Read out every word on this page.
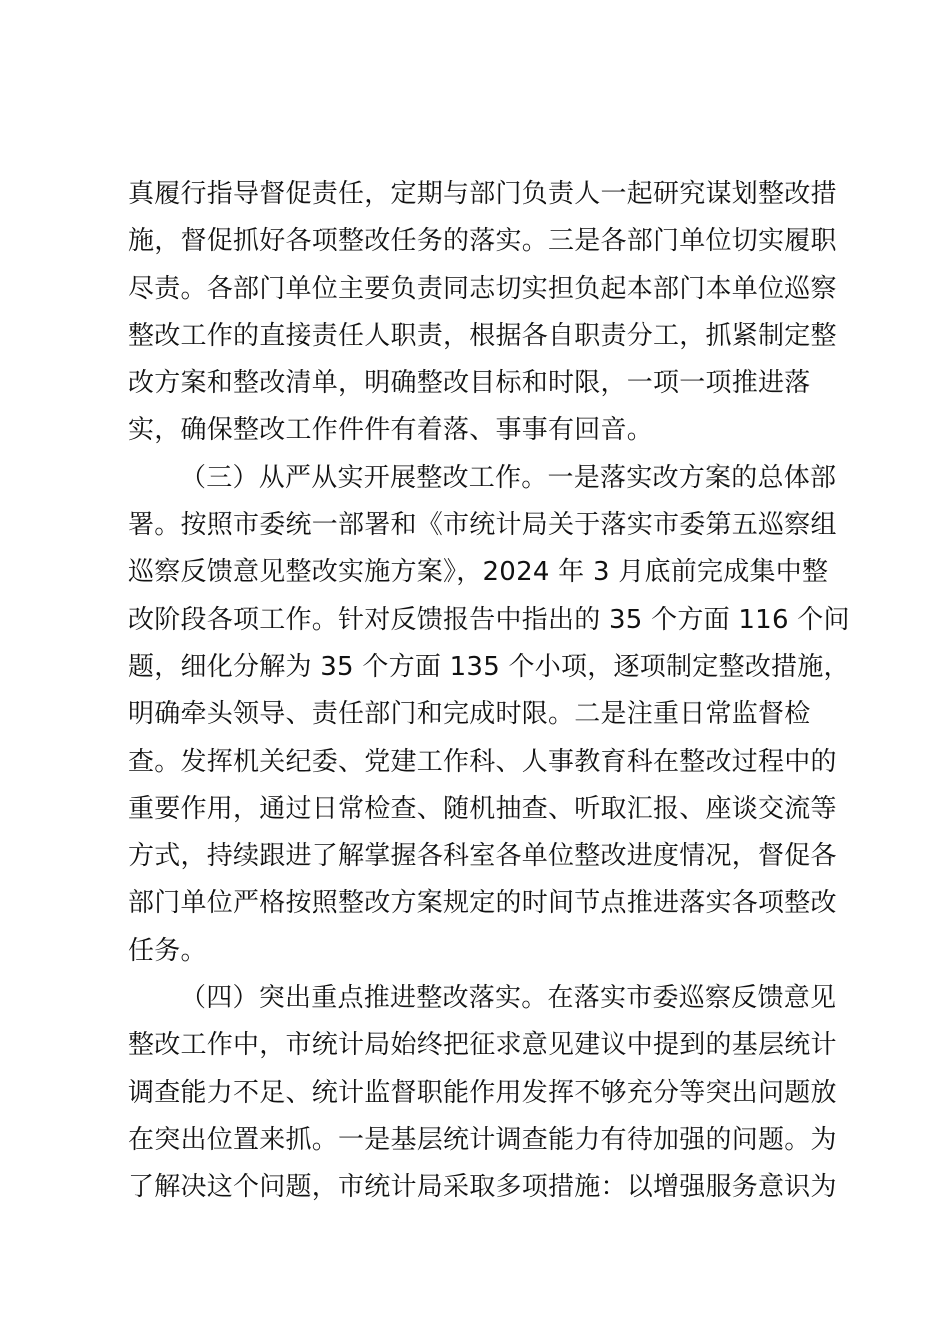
真履行指导督促责任，定期与部门负责人一起研究谋划整改措
施，督促抓好各项整改任务的落实。三是各部门单位切实履职
尽责。各部门单位主要负责同志切实担负起本部门本单位巡察
整改工作的直接责任人职责，根据各自职责分工，抓紧制定整
改方案和整改清单，明确整改目标和时限，一项一项推进落
实，确保整改工作件件有着落、事事有回音。
（三）从严从实开展整改工作。一是落实改方案的总体部
署。按照市委统一部署和《市统计局关于落实市委第五巡察组
巡察反馈意见整改实施方案》，2024 年 3 月底前完成集中整
改阶段各项工作。针对反馈报告中指出的 35 个方面 116 个问
题，细化分解为 35 个方面 135 个小项，逐项制定整改措施，
明确牵头领导、责任部门和完成时限。二是注重日常监督检
查。发挥机关纪委、党建工作科、人事教育科在整改过程中的
重要作用，通过日常检查、随机抽查、听取汇报、座谈交流等
方式，持续跟进了解掌握各科室各单位整改进度情况，督促各
部门单位严格按照整改方案规定的时间节点推进落实各项整改
任务。
（四）突出重点推进整改落实。在落实市委巡察反馈意见
整改工作中，市统计局始终把征求意见建议中提到的基层统计
调查能力不足、统计监督职能作用发挥不够充分等突出问题放
在突出位置来抓。一是基层统计调查能力有待加强的问题。为
了解决这个问题，市统计局采取多项措施：以增强服务意识为
